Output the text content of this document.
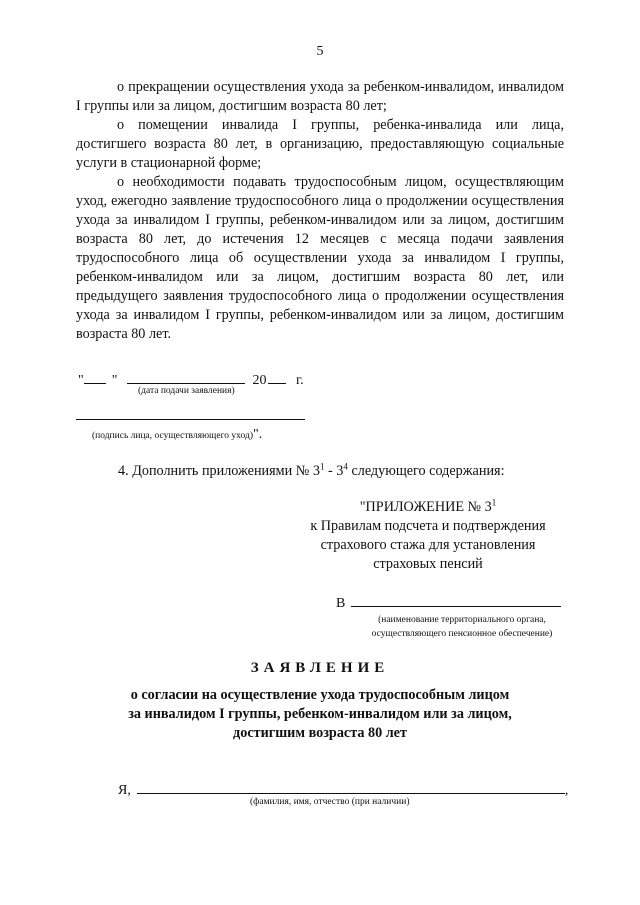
5

о прекращении осуществления ухода за ребенком-инвалидом, инвалидом I группы или за лицом, достигшим возраста 80 лет;

о помещении инвалида I группы, ребенка-инвалида или лица, достигшего возраста 80 лет, в организацию, предоставляющую социальные услуги в стационарной форме;

о необходимости подавать трудоспособным лицом, осуществляющим уход, ежегодно заявление трудоспособного лица о продолжении осуществления ухода за инвалидом I группы, ребенком-инвалидом или за лицом, достигшим возраста 80 лет, до истечения 12 месяцев с месяца подачи заявления трудоспособного лица об осуществлении ухода за инвалидом I группы, ребенком-инвалидом или за лицом, достигшим возраста 80 лет, или предыдущего заявления трудоспособного лица о продолжении осуществления ухода за инвалидом I группы, ребенком-инвалидом или за лицом, достигшим возраста 80 лет.

" "	20 г.
(дата подачи заявления)
(подпись лица, осуществляющего уход)".
4. Дополнить приложениями № $3^1 - 3^4$ следующего содержания:
"ПРИЛОЖЕНИЕ № $3^1$
к Правилам подсчета и подтверждения
страхового стажа для установления
страховых пенсий
В
(наименование территориального органа,
осуществляющего пенсионное обеспечение)
ЗАЯВЛЕНИЕ
о согласии на осуществление ухода трудоспособным лицом
за инвалидом I группы, ребенком-инвалидом или за лицом,
достигшим возраста 80 лет
Я,	,
(фамилия, имя, отчество (при наличии)
